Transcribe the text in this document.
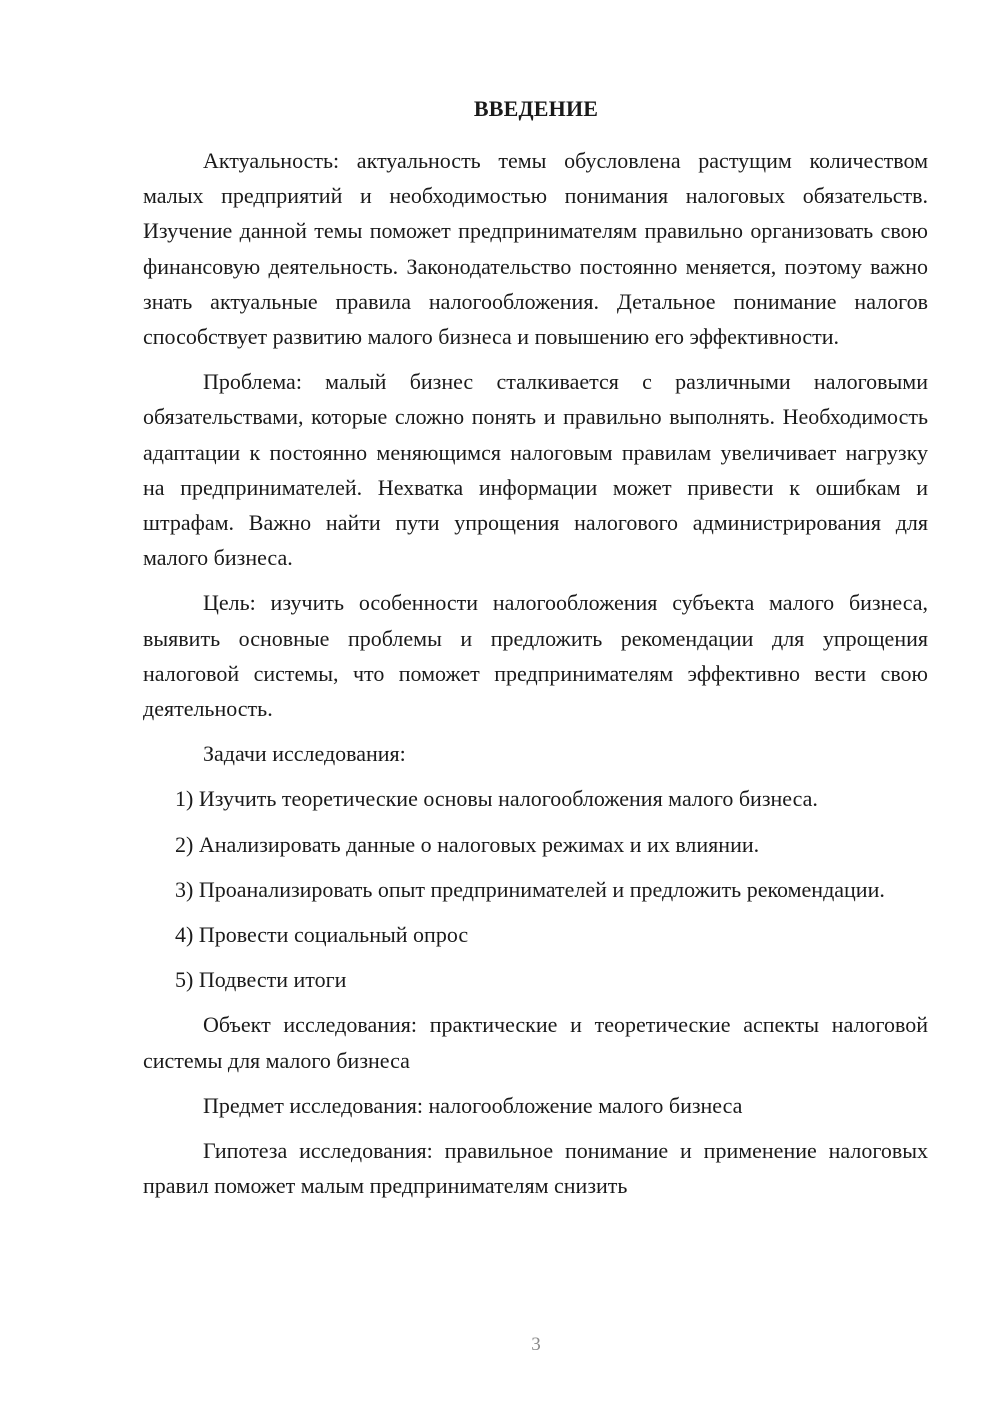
ВВЕДЕНИЕ

Актуальность: актуальность темы обусловлена растущим количеством малых предприятий и необходимостью понимания налоговых обязательств. Изучение данной темы поможет предпринимателям правильно организовать свою финансовую деятельность. Законодательство постоянно меняется, поэтому важно знать актуальные правила налогообложения. Детальное понимание налогов способствует развитию малого бизнеса и повышению его эффективности.

Проблема: малый бизнес сталкивается с различными налоговыми обязательствами, которые сложно понять и правильно выполнять. Необходимость адаптации к постоянно меняющимся налоговым правилам увеличивает нагрузку на предпринимателей. Нехватка информации может привести к ошибкам и штрафам. Важно найти пути упрощения налогового администрирования для малого бизнеса.

Цель: изучить особенности налогообложения субъекта малого бизнеса, выявить основные проблемы и предложить рекомендации для упрощения налоговой системы, что поможет предпринимателям эффективно вести свою деятельность.

Задачи исследования:

1) Изучить теоретические основы налогообложения малого бизнеса.

2) Анализировать данные о налоговых режимах и их влиянии.

3) Проанализировать опыт предпринимателей и предложить рекомендации.

4) Провести социальный опрос

5) Подвести итоги

Объект исследования: практические и теоретические аспекты налоговой системы для малого бизнеса

Предмет исследования: налогообложение малого бизнеса

Гипотеза исследования: правильное понимание и применение налоговых правил поможет малым предпринимателям снизить

3
